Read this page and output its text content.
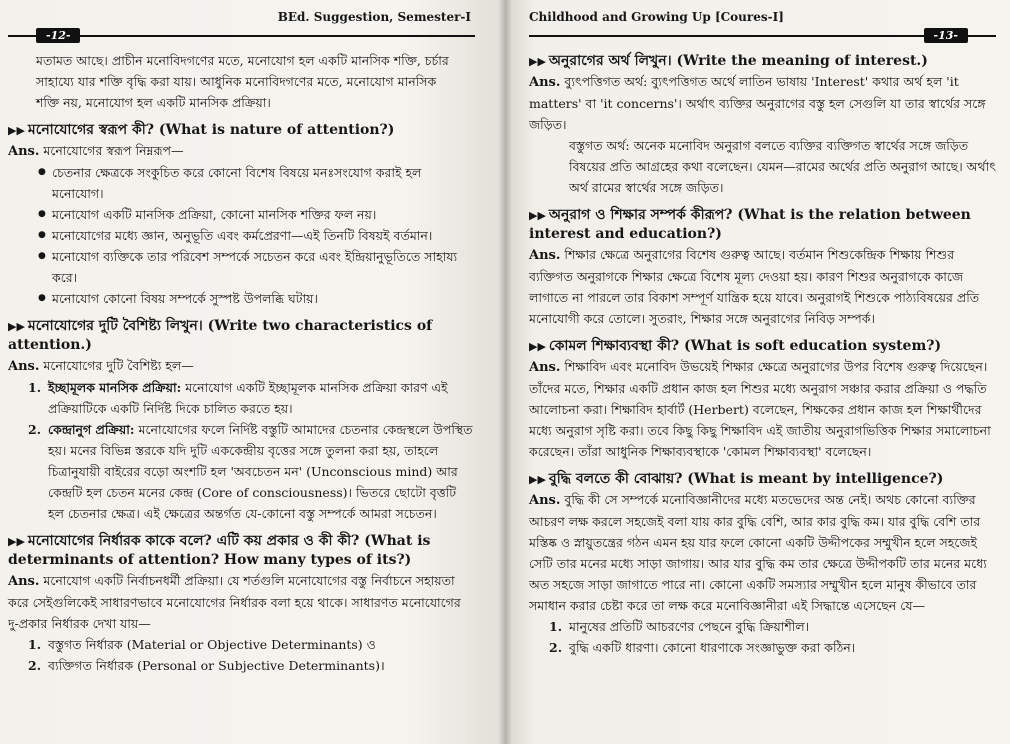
BEd. Suggestion, Semester-I
-12-

মতামত আছে। প্রাচীন মনোবিদগণের মতে, মনোযোগ হল একটি মানসিক শক্তি, চর্চার

সাহায্যে যার শক্তি বৃদ্ধি করা যায়। আধুনিক মনোবিদগণের মতে, মনোযোগ মানসিক

শক্তি নয়, মনোযোগ হল একটি মানসিক প্রক্রিয়া।

▶▶ মনোযোগের স্বরূপ কী? (What is nature of attention?)
Ans. মনোযোগের স্বরূপ নিম্নরূপ—
● চেতনার ক্ষেত্রকে সংকুচিত করে কোনো বিশেষ বিষয়ে মনঃসংযোগ করাই হল মনোযোগ।
● মনোযোগ একটি মানসিক প্রক্রিয়া, কোনো মানসিক শক্তির ফল নয়।
● মনোযোগের মধ্যে জ্ঞান, অনুভূতি এবং কর্মপ্রেরণা—এই তিনটি বিষয়ই বর্তমান।
● মনোযোগ ব্যক্তিকে তার পরিবেশ সম্পর্কে সচেতন করে এবং ইন্দ্রিয়ানুভূতিতে সাহায্য করে।
● মনোযোগ কোনো বিষয় সম্পর্কে সুস্পষ্ট উপলব্ধি ঘটায়।
▶▶ মনোযোগের দুটি বৈশিষ্ট্য লিখুন। (Write two characteristics of attention.)
Ans. মনোযোগের দুটি বৈশিষ্ট্য হল—
1. ইচ্ছামূলক মানসিক প্রক্রিয়া: মনোযোগ একটি ইচ্ছামূলক মানসিক প্রক্রিয়া কারণ এই প্রক্রিয়াটিকে একটি নির্দিষ্ট দিকে চালিত করতে হয়।
2. কেন্দ্রানুগ প্রক্রিয়া: মনোযোগের ফলে নির্দিষ্ট বস্তুটি আমাদের চেতনার কেন্দ্রস্থলে উপস্থিত হয়। মনের বিভিন্ন স্তরকে যদি দুটি এককেন্দ্রীয় বৃত্তের সঙ্গে তুলনা করা হয়, তাহলে চিত্রানুযায়ী বাইরের বড়ো অংশটি হল 'অবচেতন মন' (Unconscious mind) আর কেন্দ্রটি হল চেতন মনের কেন্দ্র (Core of consciousness)। ভিতরে ছোটো বৃত্তটি হল চেতনার ক্ষেত্র। এই ক্ষেত্রের অন্তর্গত যে-কোনো বস্তু সম্পর্কে আমরা সচেতন।
▶▶ মনোযোগের নির্ধারক কাকে বলে? এটি কয় প্রকার ও কী কী? (What is determinants of attention? How many types of its?)
Ans. মনোযোগ একটি নির্বাচনধর্মী প্রক্রিয়া। যে শর্তগুলি মনোযোগের বস্তু নির্বাচনে সহায়তা করে সেইগুলিকেই সাধারণভাবে মনোযোগের নির্ধারক বলা হয়ে থাকে। সাধারণত মনোযোগের দু-প্রকার নির্ধারক দেখা যায়—
1. বস্তুগত নির্ধারক (Material or Objective Determinants) ও
2. ব্যক্তিগত নির্ধারক (Personal or Subjective Determinants)।
Childhood and Growing Up [Coures-I]
-13-
▶▶ অনুরাগের অর্থ লিখুন। (Write the meaning of interest.)
Ans. ব্যুৎপত্তিগত অর্থ: ব্যুৎপত্তিগত অর্থে লাতিন ভাষায় 'Interest' কথার অর্থ হল 'it matters' বা 'it concerns'। অর্থাৎ ব্যক্তির অনুরাগের বস্তু হল সেগুলি যা তার স্বার্থের সঙ্গে জড়িত।
বস্তুগত অর্থ: অনেক মনোবিদ অনুরাগ বলতে ব্যক্তির ব্যক্তিগত স্বার্থের সঙ্গে জড়িত বিষয়ের প্রতি আগ্রহের কথা বলেছেন। যেমন—রামের অর্থের প্রতি অনুরাগ আছে। অর্থাৎ অর্থ রামের স্বার্থের সঙ্গে জড়িত।
▶▶ অনুরাগ ও শিক্ষার সম্পর্ক কীরূপ? (What is the relation between interest and education?)
Ans. শিক্ষার ক্ষেত্রে অনুরাগের বিশেষ গুরুত্ব আছে। বর্তমান শিশুকেন্দ্রিক শিক্ষায় শিশুর ব্যক্তিগত অনুরাগকে শিক্ষার ক্ষেত্রে বিশেষ মূল্য দেওয়া হয়। কারণ শিশুর অনুরাগকে কাজে লাগাতে না পারলে তার বিকাশ সম্পূর্ণ যান্ত্রিক হয়ে যাবে। অনুরাগই শিশুকে পাঠ্যবিষয়ের প্রতি মনোযোগী করে তোলে। সুতরাং, শিক্ষার সঙ্গে অনুরাগের নিবিড় সম্পর্ক।
▶▶ কোমল শিক্ষাব্যবস্থা কী? (What is soft education system?)
Ans. শিক্ষাবিদ এবং মনোবিদ উভয়েই শিক্ষার ক্ষেত্রে অনুরাগের উপর বিশেষ গুরুত্ব দিয়েছেন। তাঁদের মতে, শিক্ষার একটি প্রধান কাজ হল শিশুর মধ্যে অনুরাগ সঞ্চার করার প্রক্রিয়া ও পদ্ধতি আলোচনা করা। শিক্ষাবিদ হার্বার্ট (Herbert) বলেছেন, শিক্ষকের প্রধান কাজ হল শিক্ষার্থীদের মধ্যে অনুরাগ সৃষ্টি করা। তবে কিছু কিছু শিক্ষাবিদ এই জাতীয় অনুরাগভিত্তিক শিক্ষার সমালোচনা করেছেন। তাঁরা আধুনিক শিক্ষাব্যবস্থাকে 'কোমল শিক্ষাব্যবস্থা' বলেছেন।
▶▶ বুদ্ধি বলতে কী বোঝায়? (What is meant by intelligence?)
Ans. বুদ্ধি কী সে সম্পর্কে মনোবিজ্ঞানীদের মধ্যে মতভেদের অন্ত নেই। অথচ কোনো ব্যক্তির আচরণ লক্ষ করলে সহজেই বলা যায় কার বুদ্ধি বেশি, আর কার বুদ্ধি কম। যার বুদ্ধি বেশি তার মস্তিষ্ক ও স্নায়ুতন্ত্রের গঠন এমন হয় যার ফলে কোনো একটি উদ্দীপকের সম্মুখীন হলে সহজেই সেটি তার মনের মধ্যে সাড়া জাগায়। আর যার বুদ্ধি কম তার ক্ষেত্রে উদ্দীপকটি তার মনের মধ্যে অত সহজে সাড়া জাগাতে পারে না। কোনো একটি সমস্যার সম্মুখীন হলে মানুষ কীভাবে তার সমাধান করার চেষ্টা করে তা লক্ষ করে মনোবিজ্ঞানীরা এই সিদ্ধান্তে এসেছেন যে—
1. মানুষের প্রতিটি আচরণের পেছনে বুদ্ধি ক্রিয়াশীল।
2. বুদ্ধি একটি ধারণা। কোনো ধারণাকে সংজ্ঞাভুক্ত করা কঠিন।
